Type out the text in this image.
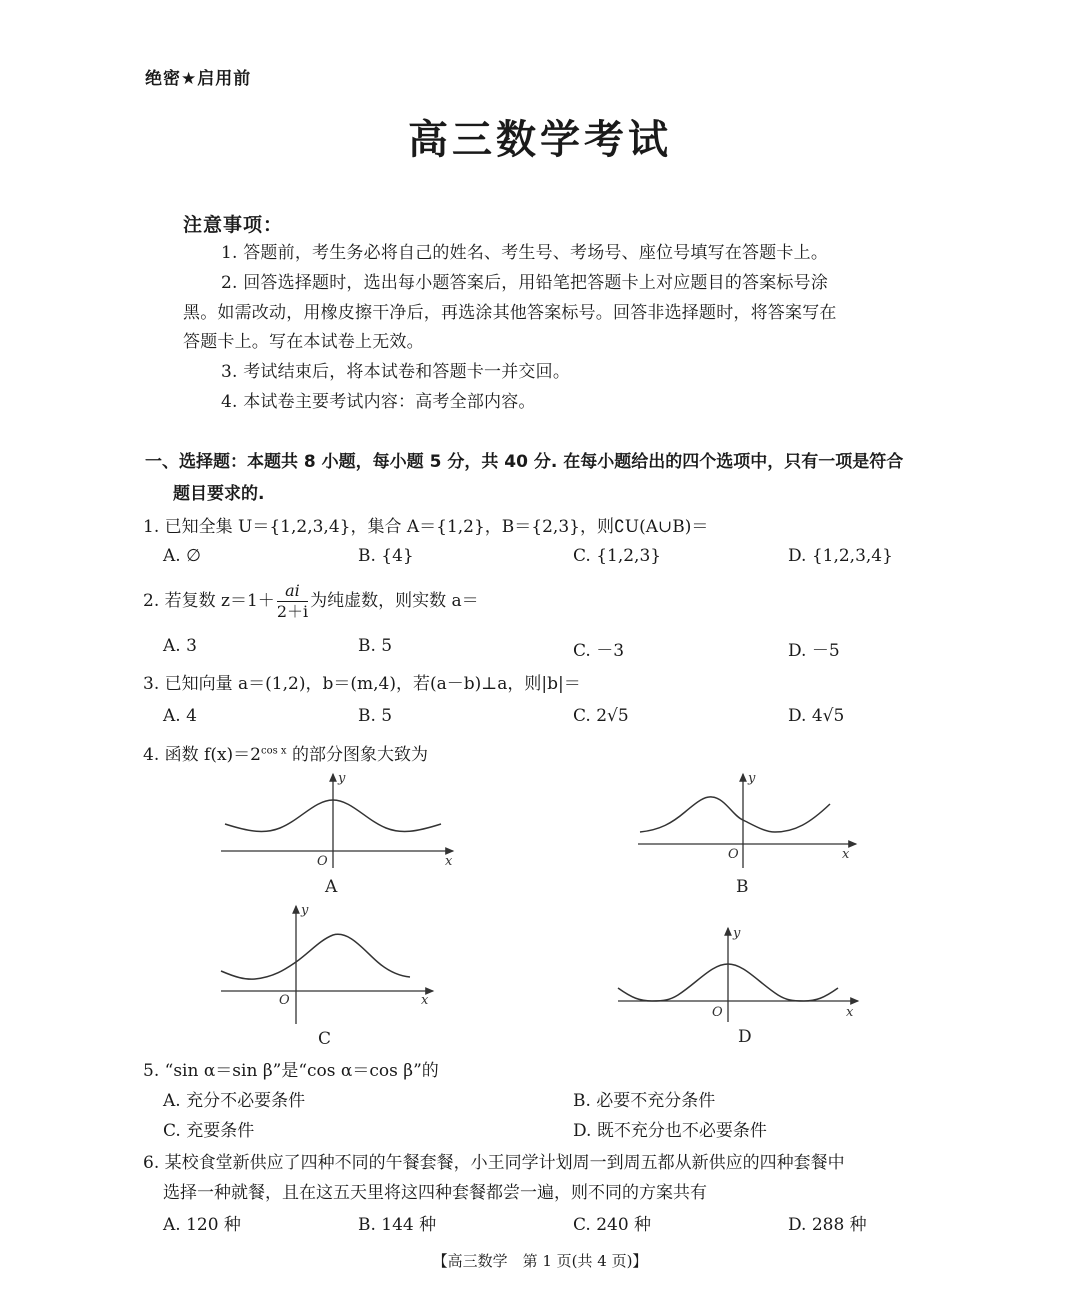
绝密★启用前
高三数学考试
注意事项：
1. 答题前，考生务必将自己的姓名、考生号、考场号、座位号填写在答题卡上。
2. 回答选择题时，选出每小题答案后，用铅笔把答题卡上对应题目的答案标号涂
黑。如需改动，用橡皮擦干净后，再选涂其他答案标号。回答非选择题时，将答案写在
答题卡上。写在本试卷上无效。
3. 考试结束后，将本试卷和答题卡一并交回。
4. 本试卷主要考试内容：高考全部内容。
一、选择题：本题共 8 小题，每小题 5 分，共 40 分. 在每小题给出的四个选项中，只有一项是符合
题目要求的.
1. 已知全集 U＝{1,2,3,4}，集合 A＝{1,2}，B＝{2,3}，则∁U(A∪B)＝
A. ∅	B. {4}	C. {1,2,3}	D. {1,2,3,4}
2. 若复数 $z=1+ \frac{ai}{2+i}$ 为纯虚数，则实数 a＝
A. 3	B. 5	C. －3	D. －5
3. 已知向量 a＝(1,2)，b＝(m,4)，若(a－b)⊥a，则|b|＝
A. 4	B. 5	C. 2√5	D. 4√5
4. 函数 $f(x)=2^{cos x}$ 的部分图象大致为
y
O	x
A
y
O	x
B
y
O	x
C
y
O	x
D
5. “sin α＝sin β”是“cos α＝cos β”的
A. 充分不必要条件	B. 必要不充分条件
C. 充要条件	D. 既不充分也不必要条件
6. 某校食堂新供应了四种不同的午餐套餐，小王同学计划周一到周五都从新供应的四种套餐中
选择一种就餐，且在这五天里将这四种套餐都尝一遍，则不同的方案共有
A. 120 种	B. 144 种	C. 240 种	D. 288 种
【高三数学　第 1 页(共 4 页)】
